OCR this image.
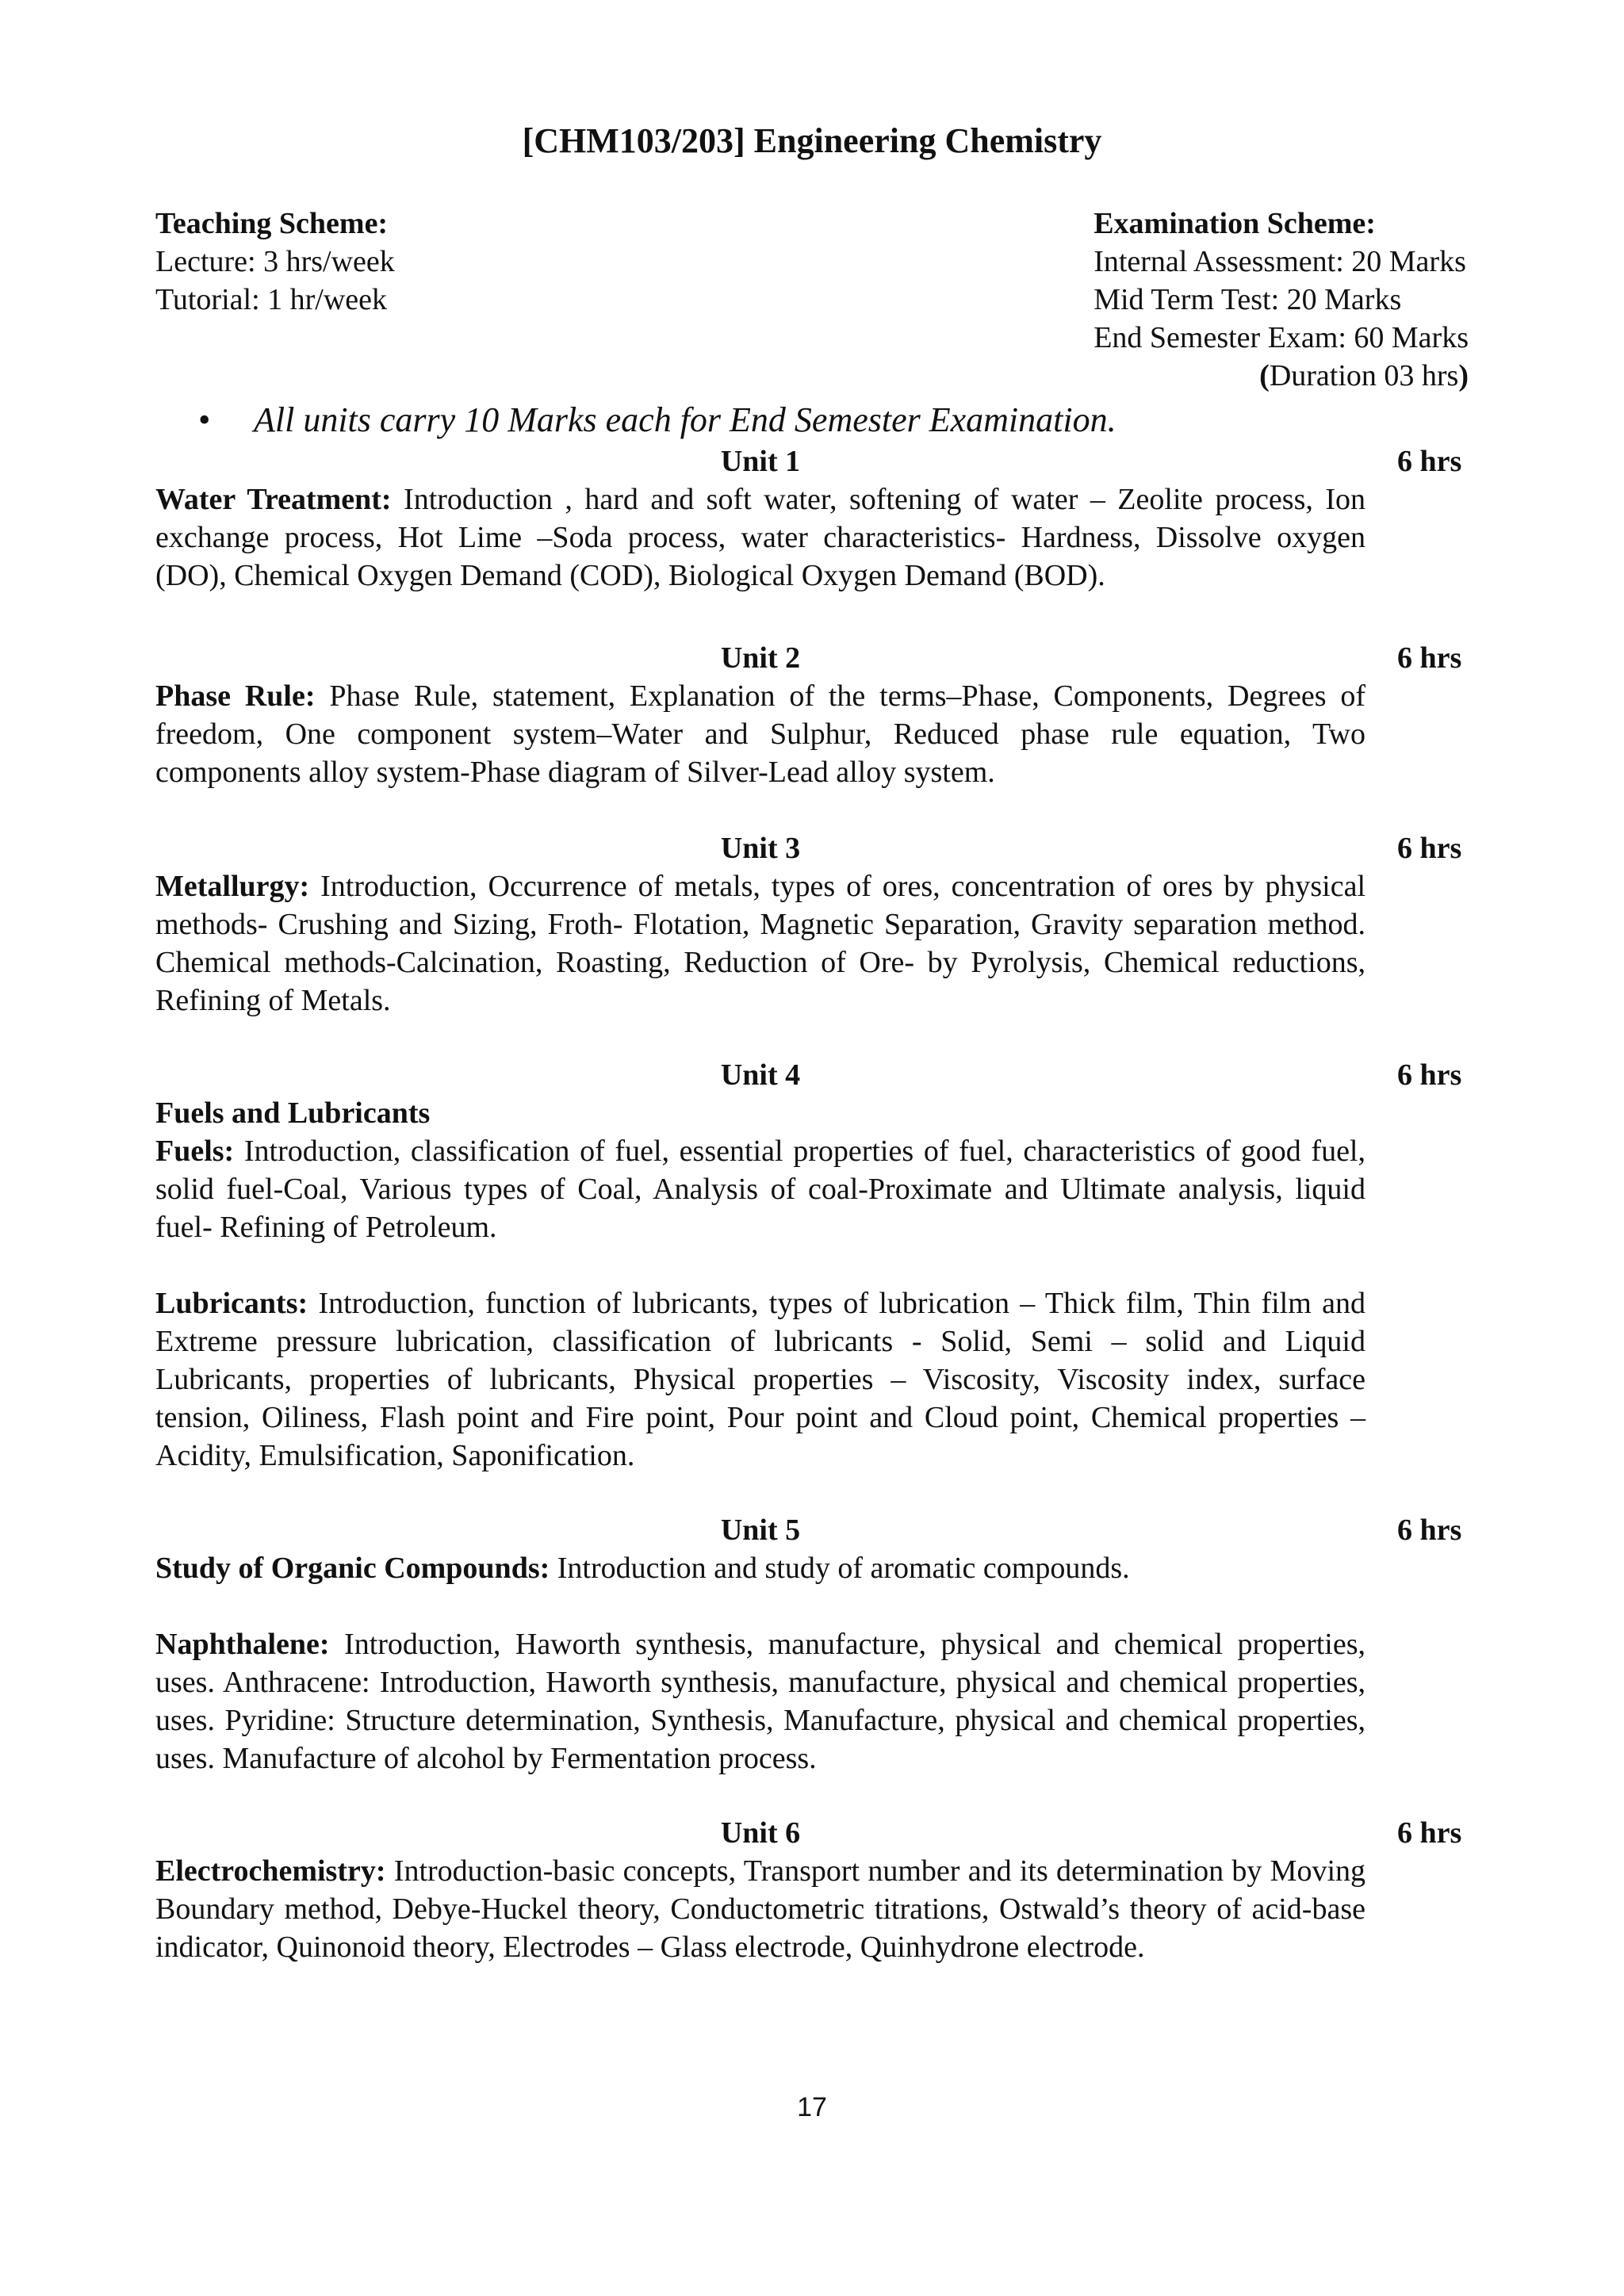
[CHM103/203] Engineering Chemistry
Teaching Scheme:
Lecture: 3 hrs/week
Tutorial: 1 hr/week
Examination Scheme:
Internal Assessment: 20 Marks
Mid Term Test: 20 Marks
End Semester Exam: 60 Marks
(Duration 03 hrs)
• All units carry 10 Marks each for End Semester Examination.
Unit 1	6 hrs
Water Treatment: Introduction , hard and soft water, softening of water – Zeolite process, Ion exchange process, Hot Lime –Soda process, water characteristics- Hardness, Dissolve oxygen (DO), Chemical Oxygen Demand (COD), Biological Oxygen Demand (BOD).
Unit 2	6 hrs
Phase Rule: Phase Rule, statement, Explanation of the terms–Phase, Components, Degrees of freedom, One component system–Water and Sulphur, Reduced phase rule equation, Two components alloy system-Phase diagram of Silver-Lead alloy system.
Unit 3	6 hrs
Metallurgy: Introduction, Occurrence of metals, types of ores, concentration of ores by physical methods- Crushing and Sizing, Froth- Flotation, Magnetic Separation, Gravity separation method. Chemical methods-Calcination, Roasting, Reduction of Ore- by Pyrolysis, Chemical reductions, Refining of Metals.
Unit 4	6 hrs
Fuels and Lubricants
Fuels: Introduction, classification of fuel, essential properties of fuel, characteristics of good fuel, solid fuel-Coal, Various types of Coal, Analysis of coal-Proximate and Ultimate analysis, liquid fuel- Refining of Petroleum.
Lubricants: Introduction, function of lubricants, types of lubrication – Thick film, Thin film and Extreme pressure lubrication, classification of lubricants - Solid, Semi – solid and Liquid Lubricants, properties of lubricants, Physical properties – Viscosity, Viscosity index, surface tension, Oiliness, Flash point and Fire point, Pour point and Cloud point, Chemical properties – Acidity, Emulsification, Saponification.
Unit 5	6 hrs
Study of Organic Compounds: Introduction and study of aromatic compounds.
Naphthalene: Introduction, Haworth synthesis, manufacture, physical and chemical properties, uses. Anthracene: Introduction, Haworth synthesis, manufacture, physical and chemical properties, uses. Pyridine: Structure determination, Synthesis, Manufacture, physical and chemical properties, uses. Manufacture of alcohol by Fermentation process.
Unit 6	6 hrs
Electrochemistry: Introduction-basic concepts, Transport number and its determination by Moving Boundary method, Debye-Huckel theory, Conductometric titrations, Ostwald’s theory of acid-base indicator, Quinonoid theory, Electrodes – Glass electrode, Quinhydrone electrode.
17
